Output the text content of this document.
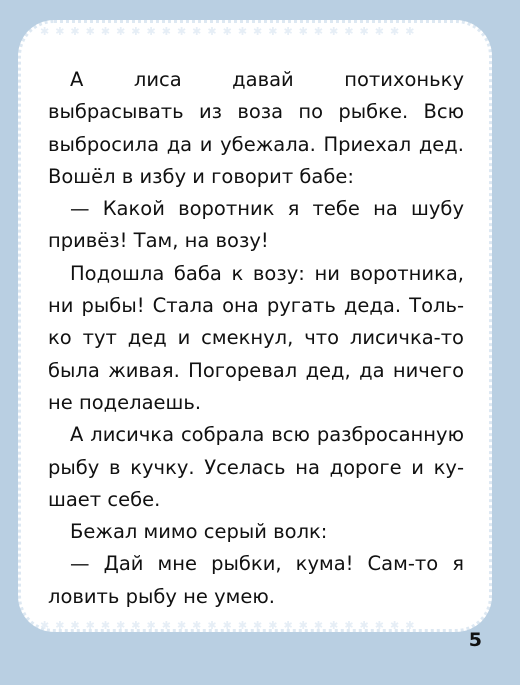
✱✱✱✱✱✱✱✱✱✱✱✱✱✱✱✱✱✱✱✱✱✱✱✱✱
✱✱✱✱✱✱✱✱✱✱✱✱✱✱✱✱✱✱✱✱✱✱✱✱✱

А лиса давай потихоньку выбрасывать из воза по рыбке. Всю выбросила да и убежала. Приехал дед. Вошёл в избу и говорит бабе:

— Какой воротник я тебе на шубу привёз! Там, на возу!

Подошла баба к возу: ни воротника, ни рыбы! Стала она ругать деда. Толь-ко тут дед и смекнул, что лисичка-то была живая. Погоревал дед, да ничего не поделаешь.

А лисичка собрала всю разбросанную рыбу в кучку. Уселась на дороге и ку-шает себе.

Бежал мимо серый волк:

— Дай мне рыбки, кума! Сам-то я ловить рыбу не умею.

5
